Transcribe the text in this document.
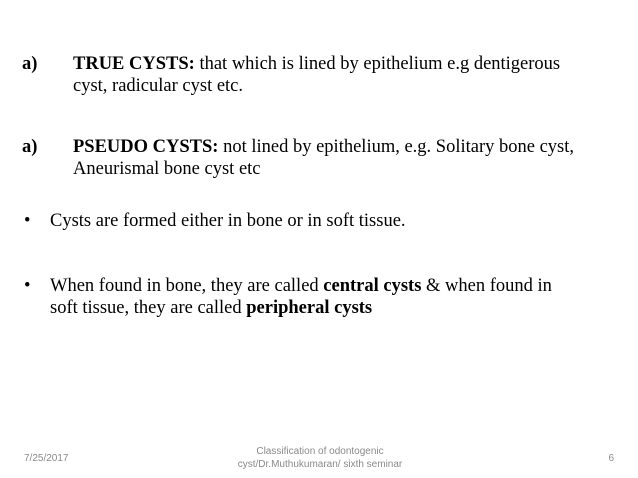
a) TRUE CYSTS: that which is lined by epithelium e.g dentigerous
cyst, radicular cyst etc.
a) PSEUDO CYSTS: not lined by epithelium, e.g. Solitary bone cyst,
Aneurismal bone cyst etc
• Cysts are formed either in bone or in soft tissue.
• When found in bone, they are called central cysts & when found in
soft tissue, they are called peripheral cysts
7/25/2017
Classification of odontogenic
cyst/Dr.Muthukumaran/ sixth seminar
6
